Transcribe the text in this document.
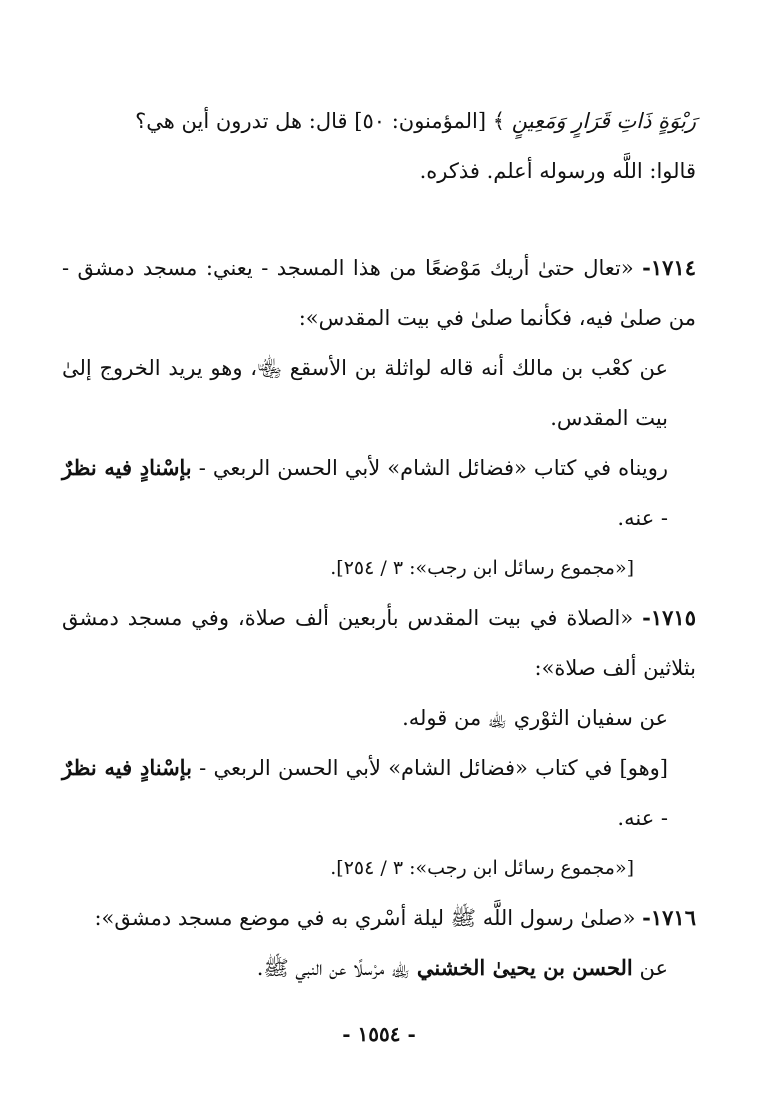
رَبْوَةٍ ذَاتِ قَرَارٍ وَمَعِينٍ ﴾ [المؤمنون: ٥٠] قال: هل تدرون أين هي؟
قالوا: اللَّه ورسوله أعلم. فذكره.

١٧١٤- «تعال حتىٰ أريك مَوْضعًا من هذا المسجد - يعني: مسجد دمشق - من صلىٰ فيه، فكأنما صلىٰ في بيت المقدس»:

عن كعْب بن مالك أنه قاله لواثلة بن الأسقع ﵄، وهو يريد الخروج إلىٰ بيت المقدس.

رويناه في كتاب «فضائل الشام» لأبي الحسن الربعي - بإسْنادٍ فيه نظرٌ - عنه.

[«مجموع رسائل ابن رجب»: ٣ / ٢٥٤].

١٧١٥- «الصلاة في بيت المقدس بأربعين ألف صلاة، وفي مسجد دمشق بثلاثين ألف صلاة»:

عن سفيان الثوْري ﵀ من قوله.

[وهو] في كتاب «فضائل الشام» لأبي الحسن الربعي - بإسْنادٍ فيه نظرٌ - عنه.

[«مجموع رسائل ابن رجب»: ٣ / ٢٥٤].

١٧١٦- «صلىٰ رسول اللَّه ﷺ ليلة أسْري به في موضع مسجد دمشق»:

عن الحسن بن يحيىٰ الخشني ﵀ مرْسلًا عن النبي ﷺ.

- ١٥٥٤ -
